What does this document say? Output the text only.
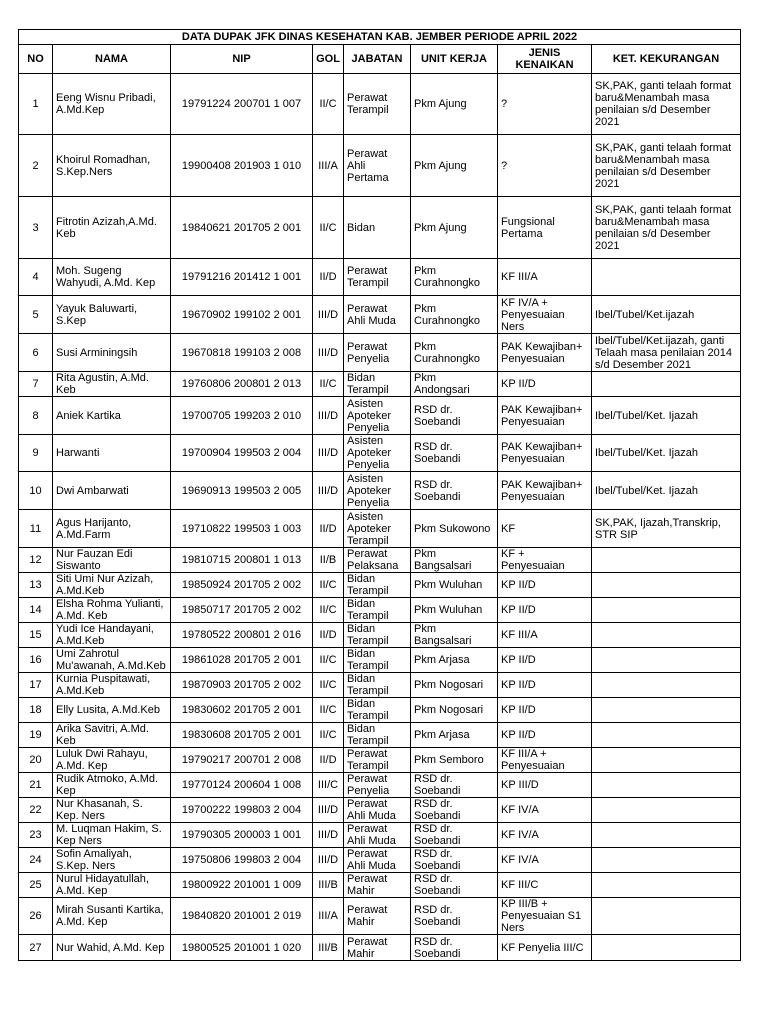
DATA DUPAK JFK DINAS KESEHATAN KAB. JEMBER PERIODE APRIL 2022							
NO	NAMA	NIP	GOL	JABATAN	UNIT KERJA	JENIS KENAIKAN	KET. KEKURANGAN
1	Eeng Wisnu Pribadi, A.Md.Kep	19791224 200701 1 007	II/C	Perawat Terampil	Pkm Ajung	?	SK,PAK, ganti telaah format baru&Menambah masa penilaian s/d Desember 2021
2	Khoirul Romadhan, S.Kep.Ners	19900408 201903 1 010	III/A	Perawat Ahli Pertama	Pkm Ajung	?	SK,PAK, ganti telaah format baru&Menambah masa penilaian s/d Desember 2021
3	Fitrotin Azizah,A.Md. Keb	19840621 201705 2 001	II/C	Bidan	Pkm Ajung	Fungsional Pertama	SK,PAK, ganti telaah format baru&Menambah masa penilaian s/d Desember 2021
4	Moh. Sugeng Wahyudi, A.Md. Kep	19791216 201412 1 001	II/D	Perawat Terampil	Pkm Curahnongko	KF III/A	
5	Yayuk Baluwarti, S.Kep	19670902 199102 2 001	III/D	Perawat Ahli Muda	Pkm Curahnongko	KF IV/A + Penyesuaian Ners	Ibel/Tubel/Ket.ijazah
6	Susi Arminingsih	19670818 199103 2 008	III/D	Perawat Penyelia	Pkm Curahnongko	PAK Kewajiban+ Penyesuaian	Ibel/Tubel/Ket.ijazah, ganti Telaah masa penilaian 2014 s/d Desember 2021
7	Rita Agustin, A.Md. Keb	19760806 200801 2 013	II/C	Bidan Terampil	Pkm Andongsari	KP II/D	
8	Aniek Kartika	19700705 199203 2 010	III/D	Asisten Apoteker Penyelia	RSD dr. Soebandi	PAK Kewajiban+ Penyesuaian	Ibel/Tubel/Ket. Ijazah
9	Harwanti	19700904 199503 2 004	III/D	Asisten Apoteker Penyelia	RSD dr. Soebandi	PAK Kewajiban+ Penyesuaian	Ibel/Tubel/Ket. Ijazah
10	Dwi Ambarwati	19690913 199503 2 005	III/D	Asisten Apoteker Penyelia	RSD dr. Soebandi	PAK Kewajiban+ Penyesuaian	Ibel/Tubel/Ket. Ijazah
11	Agus Harijanto, A.Md.Farm	19710822 199503 1 003	II/D	Asisten Apoteker Terampil	Pkm Sukowono	KF	SK,PAK, Ijazah,Transkrip, STR SIP
12	Nur Fauzan Edi Siswanto	19810715 200801 1 013	II/B	Perawat Pelaksana	Pkm Bangsalsari	KF + Penyesuaian	
13	Siti Umi Nur Azizah, A.Md.Keb	19850924 201705 2 002	II/C	Bidan Terampil	Pkm Wuluhan	KP II/D	
14	Elsha Rohma Yulianti, A.Md. Keb	19850717 201705 2 002	II/C	Bidan Terampil	Pkm Wuluhan	KP II/D	
15	Yudi Ice Handayani, A.Md.Keb	19780522 200801 2 016	II/D	Bidan Terampil	Pkm Bangsalsari	KF III/A	
16	Umi Zahrotul Mu'awanah, A.Md.Keb	19861028 201705 2 001	II/C	Bidan Terampil	Pkm Arjasa	KP II/D	
17	Kurnia Puspitawati, A.Md.Keb	19870903 201705 2 002	II/C	Bidan Terampil	Pkm Nogosari	KP II/D	
18	Elly Lusita, A.Md.Keb	19830602 201705 2 001	II/C	Bidan Terampil	Pkm Nogosari	KP II/D	
19	Arika Savitri, A.Md. Keb	19830608 201705 2 001	II/C	Bidan Terampil	Pkm Arjasa	KP II/D	
20	Luluk Dwi Rahayu, A.Md. Kep	19790217 200701 2 008	II/D	Perawat Terampil	Pkm Semboro	KF III/A + Penyesuaian	
21	Rudik Atmoko, A.Md. Kep	19770124 200604 1 008	III/C	Perawat Penyelia	RSD dr. Soebandi	KP III/D	
22	Nur Khasanah, S. Kep. Ners	19700222 199803 2 004	III/D	Perawat Ahli Muda	RSD dr. Soebandi	KF IV/A	
23	M. Luqman Hakim, S. Kep Ners	19790305 200003 1 001	III/D	Perawat Ahli Muda	RSD dr. Soebandi	KF IV/A	
24	Sofin Amaliyah, S.Kep. Ners	19750806 199803 2 004	III/D	Perawat Ahli Muda	RSD dr. Soebandi	KF IV/A	
25	Nurul Hidayatullah, A.Md. Kep	19800922 201001 1 009	III/B	Perawat Mahir	RSD dr. Soebandi	KF III/C	
26	Mirah Susanti Kartika, A.Md. Kep	19840820 201001 2 019	III/A	Perawat Mahir	RSD dr. Soebandi	KP III/B + Penyesuaian S1 Ners	
27	Nur Wahid, A.Md. Kep	19800525 201001 1 020	III/B	Perawat Mahir	RSD dr. Soebandi	KF Penyelia III/C	
